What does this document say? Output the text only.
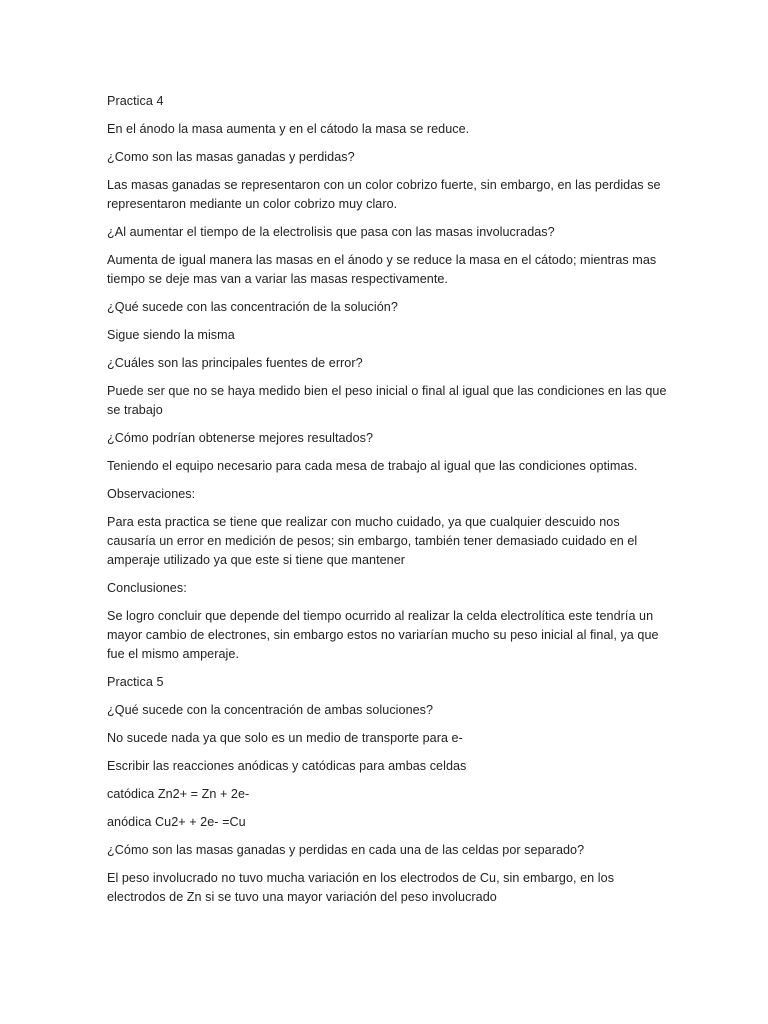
Practica 4

En el ánodo la masa aumenta y en el cátodo la masa se reduce.

¿Como son las masas ganadas y perdidas?

Las masas ganadas se representaron con un color cobrizo fuerte, sin embargo, en las perdidas se representaron mediante un color cobrizo muy claro.

¿Al aumentar el tiempo de la electrolisis que pasa con las masas involucradas?

Aumenta de igual manera las masas en el ánodo y se reduce la masa en el cátodo; mientras mas tiempo se deje mas van a variar las masas respectivamente.

¿Qué sucede con las concentración de la solución?

Sigue siendo la misma

¿Cuáles son las principales fuentes de error?

Puede ser que no se haya medido bien el peso inicial o final al igual que las condiciones en las que se trabajo

¿Cómo podrían obtenerse mejores resultados?

Teniendo el equipo necesario para cada mesa de trabajo al igual que las condiciones optimas.

Observaciones:

Para esta practica se tiene que realizar con mucho cuidado, ya que cualquier descuido nos causaría un error en medición de pesos; sin embargo, también tener demasiado cuidado en el amperaje utilizado ya que este si tiene que mantener

Conclusiones:

Se logro concluir que depende del tiempo ocurrido al realizar la celda electrolítica este tendría un mayor cambio de electrones, sin embargo estos no variarían mucho su peso inicial al final, ya que fue el mismo amperaje.

Practica 5

¿Qué sucede con la concentración de ambas soluciones?

No sucede nada ya que solo es un medio de transporte para e-

Escribir las reacciones anódicas y catódicas para ambas celdas

catódica Zn2+ = Zn + 2e-

anódica Cu2+ + 2e- =Cu

¿Cómo son las masas ganadas y perdidas en cada una de las celdas por separado?

El peso involucrado no tuvo mucha variación en los electrodos de Cu, sin embargo, en los electrodos de Zn si se tuvo una mayor variación del peso involucrado
